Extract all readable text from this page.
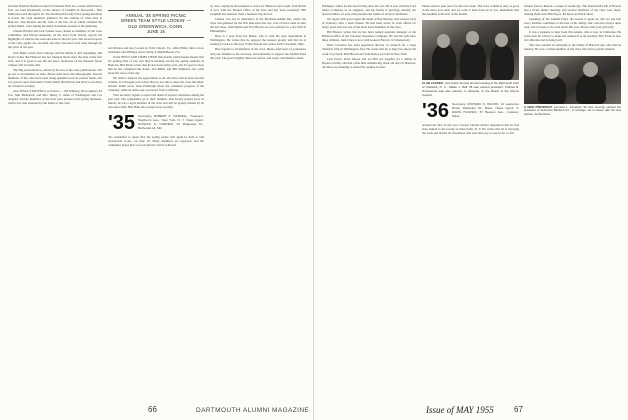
and that Norman Thomas lectured in Webster Hall. In a sound which had to flow out from Dartmouth, on the subject of Franklin D. Roosevelt... Bob Miller has been through it all. The Dartmouth faculty's first spring luncheon is noted, the class members gathered for the reunion of Class Day at Hanover. Don Brooks and his wife of the Inn, all of whom attended the spring dinner, were among the many classmates present at the gathering.

Charles Bartlett and Jack Greene were chosen as members of the class committee, and Warren Ransome, on the news from abroad, reports the highlights of what he has seen and done in the last year. The several reports of the class agents are excellent and show the hard work done through all the years of the past.

Tom Baker writes from Chicago and his family is still expanding. Jim Doyle writes that Hanover has not changed much since the time of his first visit, and it is good to see the old place. Reunions on the Pleasant Street campus will be better still.

The Big Green Review, edited by the last of the class publications, will go out to all members in June. Please send news and photographs. Several members of the class have been doing splendid work in various fields, and it is good to hear from them. Frank Smith, Bob Harris and Dave Lowe have all written in recently.

Also FINAL STATISTICS as follows ... Jim Whitney, Hal Lambert, Ed Fox, Mal Blanchard, and Mrs. Henry T. Allen of Washington and Los Angeles. Twenty members of the class were present at the spring luncheon, which was well attended by the ladies of the class.

ANNUAL '35 SPRING PICNIC
GREEN TEAM STYLE LOOKIN' —
OLD GREENWICH, CONN.
JUNE 16

and Marion and now located in Falls Church, Va., while Philip John is now with Peter and Whitney and is living at Miami Beach, Fla.

In the NEWS AND TIMES ITEMS this month, which means mostly that it's getting time of late and they're heading toward the spring reunions in Hanover. Bill Mack writes that he has been doing well, and it's good to hear that he has completed his house. Ted Miller and Bill Simmons also write about the news of the day.

We wish to express our appreciation to all who have sent in news for this column. It is through your letters that we are able to keep the class informed. Warner Smith wrote from Pittsburgh about the continued progress of the company, while Al Allen sent a postcard from California.

Your secretary regrets to report the death of several classmates during the past year. Our sympathies go to their families. Don Kelley passed away in March; he was a loyal member of the class and will be greatly missed by all who knew him. Bob Hunt also passed away recently.

'35 Secretary, ROBERT A. HASKELL, Treasurer, Stephen's Ave., New York, N. Y. Class Agent, DONALD S. CORNER, 22 Ridgeway Dr., Bethesda 14, Md.

'Tis wonderful to report that the spring picnic will again be held at Old Greenwich, Conn., on June 16. Many members are expected, and the committee hopes that a record turnout will be achieved.

by wire, saying he had planned to leave for Hanover next week. Tom Harris is now with the Boston office of his firm and has been promoted. Bill Laughlin has returned from a business trip abroad.

Chester was not in attendance at the Bowman-Adams Inn, where the class was gathered for the first time since the war. Lots of news came in after the last issue. Sam Martin and Fred Brown are now partners in a law firm in Philadelphia.

Here is a note from Joe Burke, who is with the state department in Washington. He writes that he enjoyed the reunion greatly and that he is looking forward to the next. Frank Woods also writes from Cleveland, Ohio.

Best regards to all members of the class. Please send news of yourselves and your families to the secretary, and remember to support the Alumni Fund this year. The goal is higher than ever before, and every contribution counts.

66	DARTMOUTH ALUMNI MAGAZINE

Michigan, where he has been living since the war. He is now with the Ford Motor Company as an engineer, and his family is growing. Among our newest fathers we note with pleasure the names of several classmates.

We report with great regret the death of Bob Murray, who passed away in February after a short illness. He had been active in class affairs for many years and was one of the most loyal members of the class.

Bill Brewer writes that he has been named assistant manager of the Hartford office of the Travelers Insurance Company. He and his wife have three children. John Clark is now with General Electric in Schenectady.

Dick Lawrence has been appointed director of research for a large chemical firm in Wilmington, Del. He writes that he is busy but enjoys his work very much. Paul Brown and Tom Kelley are both in New York.

Jack Taylor, Dave Moore and Art Hill got together for a dinner in Boston recently and had a fine time reminiscing about old days in Hanover. All three are planning to attend the reunion in June.

Please send in your news for the next issue. The class column is only as good as the news you send, and we want to hear from all of you. Remember that the deadline is the first of the month.

CLUB LEADER. Just before the last annual meeting of the Dartmouth Club of Charlotte, N. C., Walter L. Ball '36 was elected president. Charles B. Greenwood was also elected, in absentia, to the Board of the Alumni Council.
'36 Secretary, RICHARD S. BACON, 12 Lawrence Road, Wellesley 81, Mass. Class Agent, F. DAVIS HUGHES, 57 Beacon Ave., Andover, Mass.

Around the first of the year Colonel Charles Abbott announced that he had been named to the faculty at West Point, N. Y. He writes that he is enjoying the work and invites all classmates who pass that way to stop in for a visit.

Almost fond to Boston a couple of weeks ago. The Dartmouth Club of Boston had a lively dinner meeting, and several members of the class were there. Among them were Bill Noyes, Ed Ryan and Dick Shaw.

Speaking of the Alumni Fund, the season is upon us, and we ask that every member contribute to the best of his ability. Our class has always done well, and we hope to do even better this year. Please send your gift early.

It was a pleasure to hear from Jim Adams, who is now in California. He writes that he will try to make the reunion if at all possible. Bob Evans is also in California and is doing well.

The class extends its sympathy to the family of Harold Lane, who died in January. He was a valued member of the class and will be greatly missed.

A NEW PRESIDENT. Leonard L. Fenstock '36 was recently elected the president of Suburban Bankers Inc., in Chicago. He is shown with his new partner, Archie Ross.
Issue of MAY 1955	67
